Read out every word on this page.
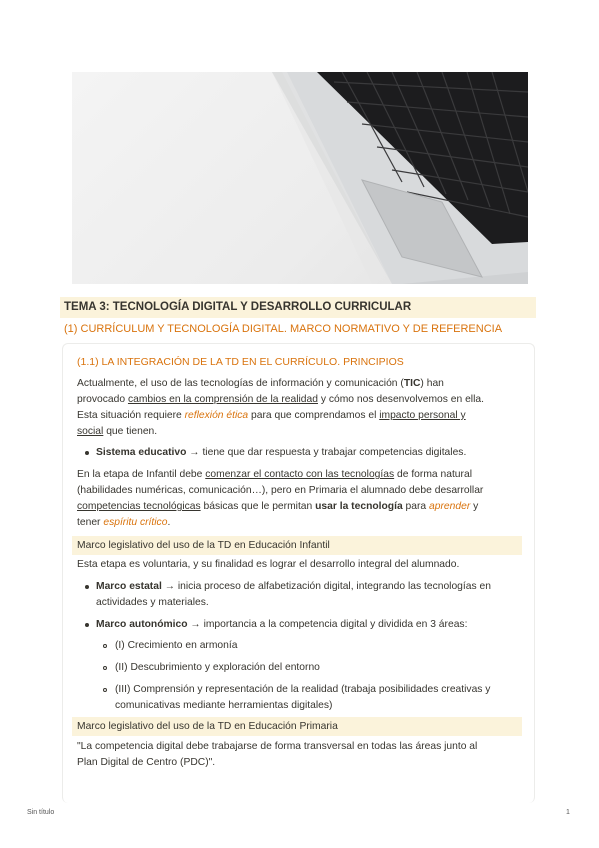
TEMA 3: TECNOLOGÍA DIGITAL Y DESARROLLO CURRICULAR
(1) CURRÍCULUM Y TECNOLOGÍA DIGITAL. MARCO NORMATIVO Y DE REFERENCIA
(1.1) LA INTEGRACIÓN DE LA TD EN EL CURRÍCULO. PRINCIPIOS
Actualmente, el uso de las tecnologías de información y comunicación (TIC) han
provocado cambios en la comprensión de la realidad y cómo nos desenvolvemos en ella.
Esta situación requiere reflexión ética para que comprendamos el impacto personal y
social que tienen.
Sistema educativo → tiene que dar respuesta y trabajar competencias digitales.
En la etapa de Infantil debe comenzar el contacto con las tecnologías de forma natural
(habilidades numéricas, comunicación…), pero en Primaria el alumnado debe desarrollar
competencias tecnológicas básicas que le permitan usar la tecnología para aprender y
tener espíritu crítico.
Marco legislativo del uso de la TD en Educación Infantil
Esta etapa es voluntaria, y su finalidad es lograr el desarrollo integral del alumnado.
Marco estatal → inicia proceso de alfabetización digital, integrando las tecnologías en
actividades y materiales.
Marco autonómico → importancia a la competencia digital y dividida en 3 áreas:
(I) Crecimiento en armonía
(II) Descubrimiento y exploración del entorno
(III) Comprensión y representación de la realidad (trabaja posibilidades creativas y
comunicativas mediante herramientas digitales)
Marco legislativo del uso de la TD en Educación Primaria
"La competencia digital debe trabajarse de forma transversal en todas las áreas junto al
Plan Digital de Centro (PDC)".
Sin título	1
